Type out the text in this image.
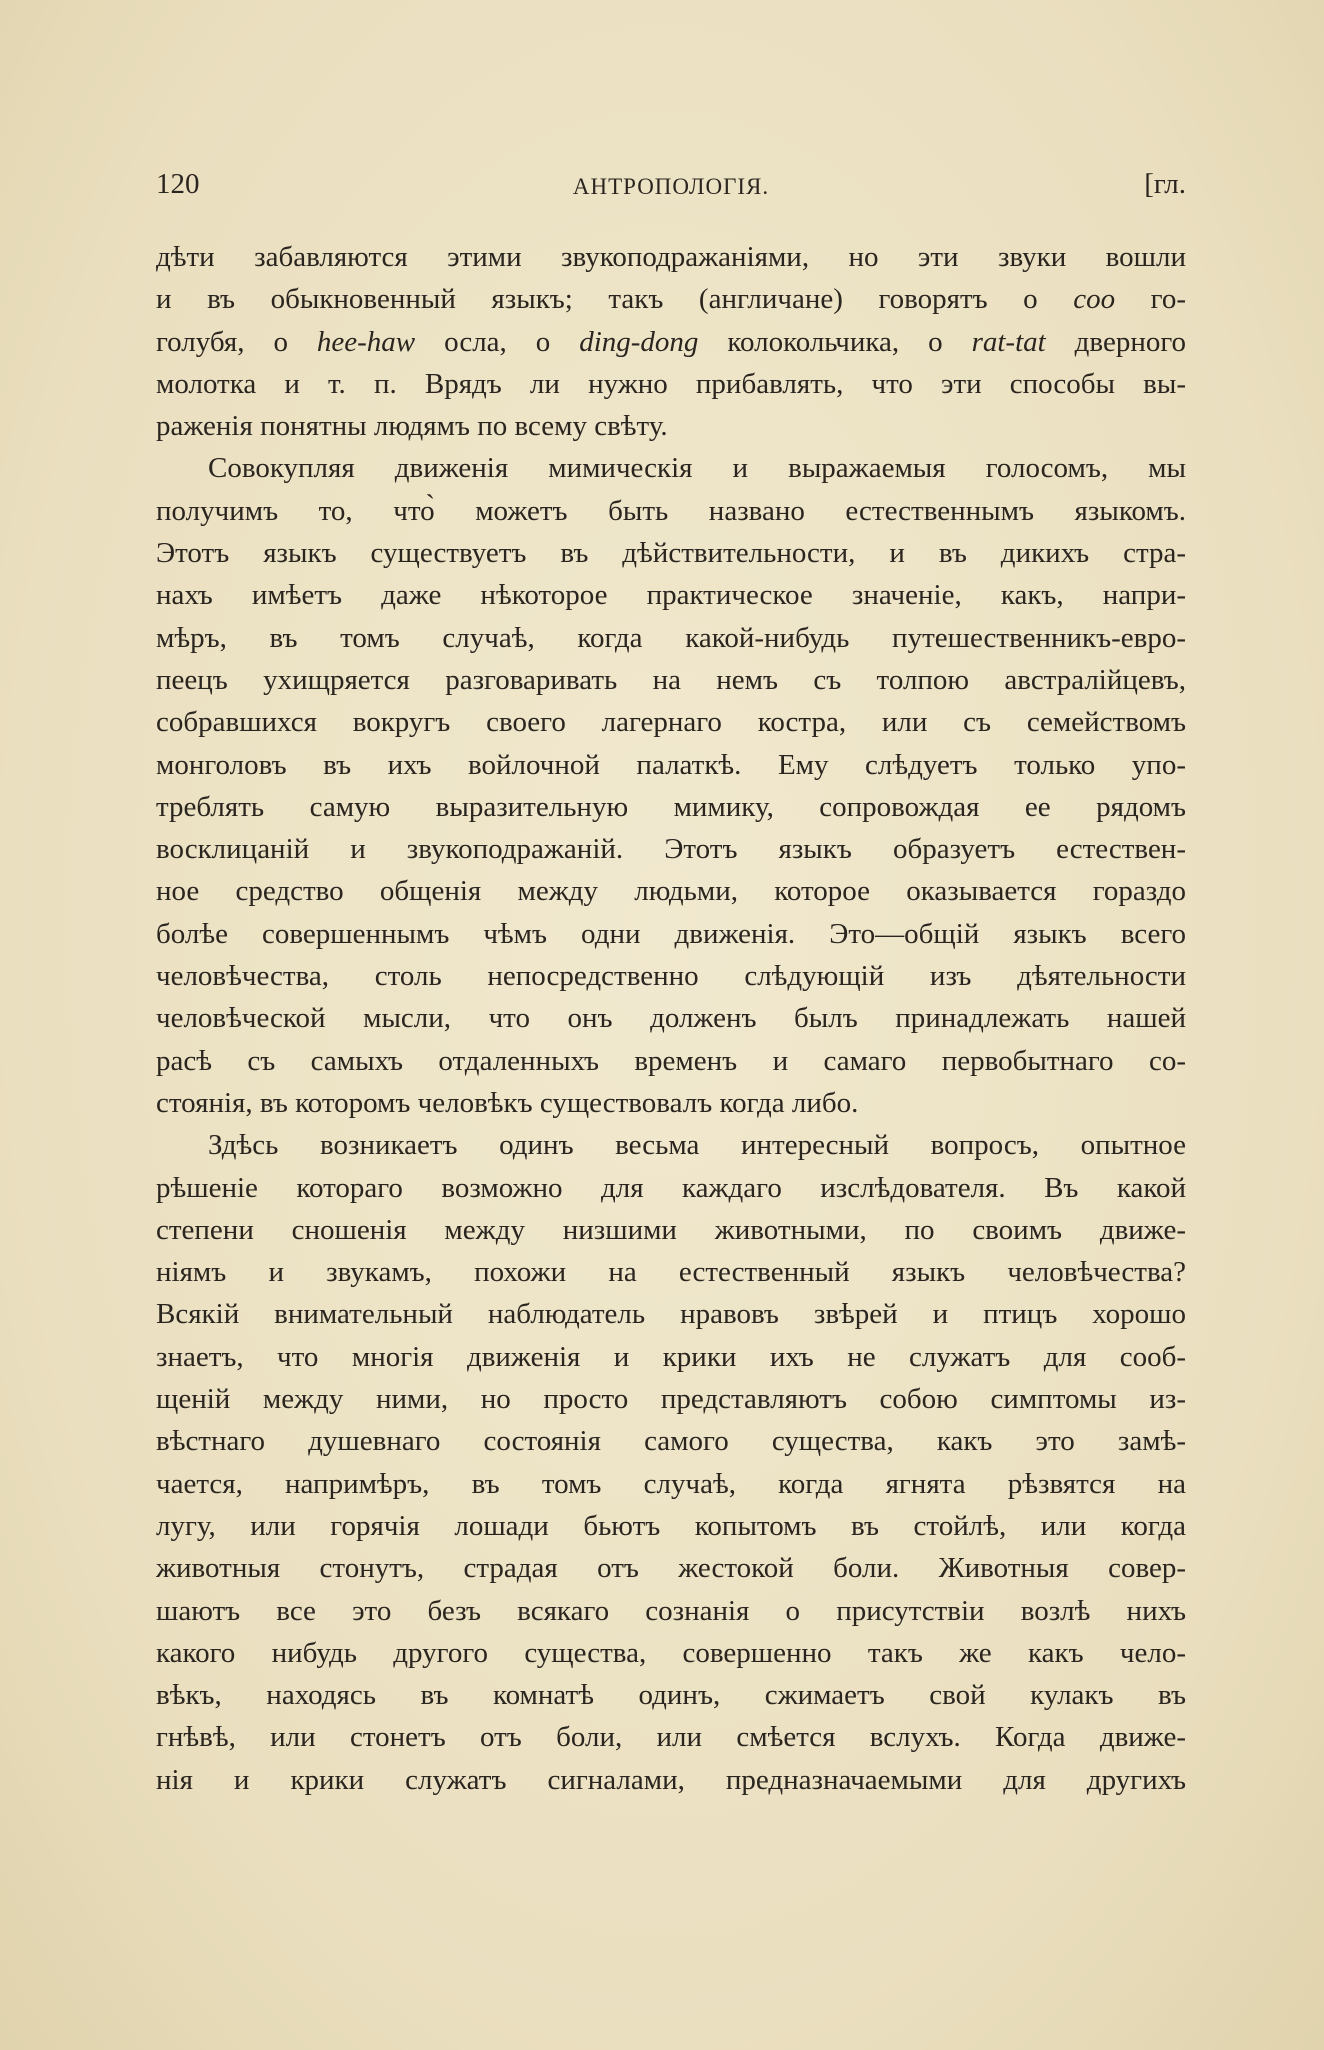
120	АНТРОПОЛОГІЯ.	[гл.

дѣти забавляются этими звукоподражаніями, но эти звуки вошли

и въ обыкновенный языкъ; такъ (англичане) говорятъ о coo го-

голубя, о hee-haw осла, о ding-dong колокольчика, о rat-tat дверного

молотка и т. п. Врядъ ли нужно прибавлять, что эти способы вы-

раженія понятны людямъ по всему свѣту.

Совокупляя движенія мимическія и выражаемыя голосомъ, мы

получимъ то, что̀ можетъ быть названо естественнымъ языкомъ.

Этотъ языкъ существуетъ въ дѣйствительности, и въ дикихъ стра-

нахъ имѣетъ даже нѣкоторое практическое значеніе, какъ, напри-

мѣръ, въ томъ случаѣ, когда какой-нибудь путешественникъ-евро-

пеецъ ухищряется разговаривать на немъ съ толпою австралійцевъ,

собравшихся вокругъ своего лагернаго костра, или съ семействомъ

монголовъ въ ихъ войлочной палаткѣ. Ему слѣдуетъ только упо-

треблять самую выразительную мимику, сопровождая ее рядомъ

восклицаній и звукоподражаній. Этотъ языкъ образуетъ естествен-

ное средство общенія между людьми, которое оказывается гораздо

болѣе совершеннымъ чѣмъ одни движенія. Это—общій языкъ всего

человѣчества, столь непосредственно слѣдующій изъ дѣятельности

человѣческой мысли, что онъ долженъ былъ принадлежать нашей

расѣ съ самыхъ отдаленныхъ временъ и самаго первобытнаго со-

стоянія, въ которомъ человѣкъ существовалъ когда либо.

Здѣсь возникаетъ одинъ весьма интересный вопросъ, опытное

рѣшеніе котораго возможно для каждаго изслѣдователя. Въ какой

степени сношенія между низшими животными, по своимъ движе-

ніямъ и звукамъ, похожи на естественный языкъ человѣчества?

Всякій внимательный наблюдатель нравовъ звѣрей и птицъ хорошо

знаетъ, что многія движенія и крики ихъ не служатъ для сооб-

щеній между ними, но просто представляютъ собою симптомы из-

вѣстнаго душевнаго состоянія самого существа, какъ это замѣ-

чается, напримѣръ, въ томъ случаѣ, когда ягнята рѣзвятся на

лугу, или горячія лошади бьютъ копытомъ въ стойлѣ, или когда

животныя стонутъ, страдая отъ жестокой боли. Животныя совер-

шаютъ все это безъ всякаго сознанія о присутствіи возлѣ нихъ

какого нибудь другого существа, совершенно такъ же какъ чело-

вѣкъ, находясь въ комнатѣ одинъ, сжимаетъ свой кулакъ въ

гнѣвѣ, или стонетъ отъ боли, или смѣется вслухъ. Когда движе-

нія и крики служатъ сигналами, предназначаемыми для другихъ
